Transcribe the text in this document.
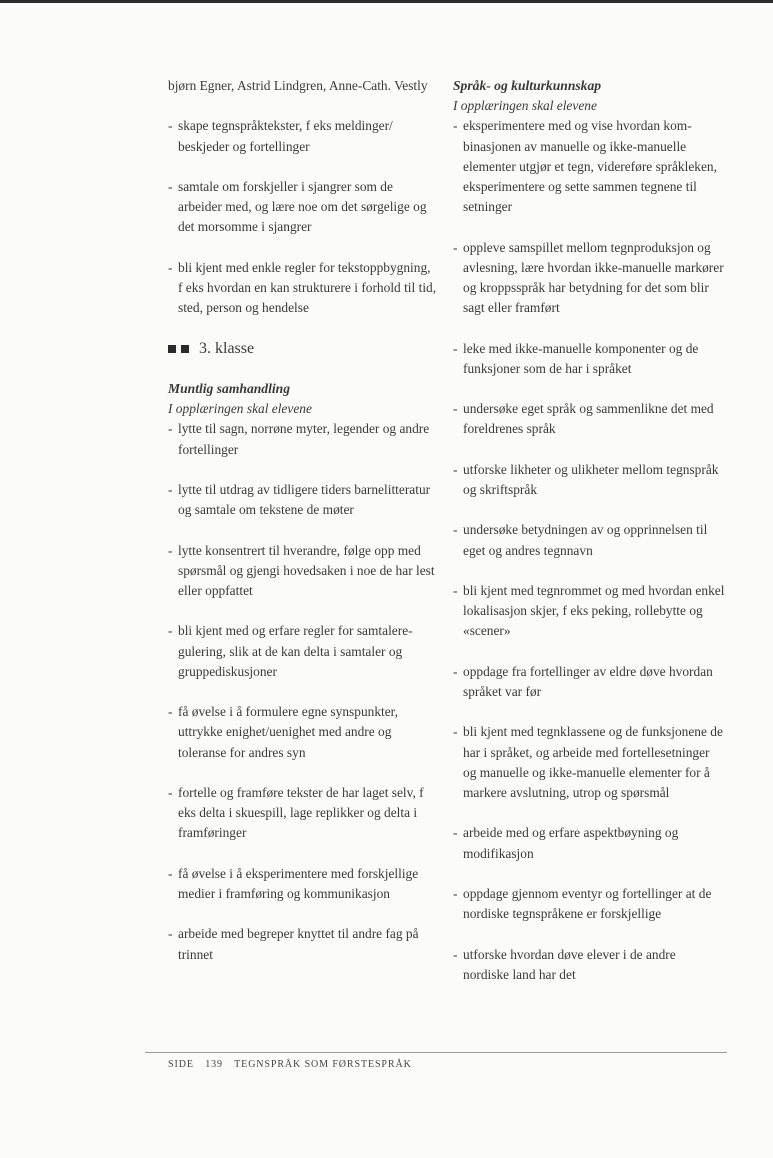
bjørn Egner, Astrid Lindgren, Anne-Cath. Vestly

- skape tegnspråktekster, f eks meldinger/ beskjeder og fortellinger
- samtale om forskjeller i sjangrer som de arbeider med, og lære noe om det sørgelige og det morsomme i sjangrer
- bli kjent med enkle regler for tekstoppbygning, f eks hvordan en kan strukturere i forhold til tid, sted, person og hendelse
3. klasse

Muntlig samhandling

I opplæringen skal elevene

- lytte til sagn, norrøne myter, legender og andre fortellinger
- lytte til utdrag av tidligere tiders barnelitteratur og samtale om tekstene de møter
- lytte konsentrert til hverandre, følge opp med spørsmål og gjengi hovedsaken i noe de har lest eller oppfattet
- bli kjent med og erfare regler for samtaleregulering, slik at de kan delta i samtaler og gruppediskusjoner
- få øvelse i å formulere egne synspunkter, uttrykke enighet/uenighet med andre og toleranse for andres syn
- fortelle og framføre tekster de har laget selv, f eks delta i skuespill, lage replikker og delta i framføringer
- få øvelse i å eksperimentere med forskjellige medier i framføring og kommunikasjon
- arbeide med begreper knyttet til andre fag på trinnet

Språk- og kulturkunnskap

I opplæringen skal elevene

- eksperimentere med og vise hvordan kombinasjonen av manuelle og ikke-manuelle elementer utgjør et tegn, videreføre språkleken, eksperimentere og sette sammen tegnene til setninger
- oppleve samspillet mellom tegnproduksjon og avlesning, lære hvordan ikke-manuelle markører og kroppsspråk har betydning for det som blir sagt eller framført
- leke med ikke-manuelle komponenter og de funksjoner som de har i språket
- undersøke eget språk og sammenlikne det med foreldrenes språk
- utforske likheter og ulikheter mellom tegnspråk og skriftspråk
- undersøke betydningen av og opprinnelsen til eget og andres tegnnavn
- bli kjent med tegnrommet og med hvordan enkel lokalisasjon skjer, f eks peking, rollebytte og «scener»
- oppdage fra fortellinger av eldre døve hvordan språket var før
- bli kjent med tegnklassene og de funksjonene de har i språket, og arbeide med fortellesetninger og manuelle og ikke-manuelle elementer for å markere avslutning, utrop og spørsmål
- arbeide med og erfare aspektbøyning og modifikasjon
- oppdage gjennom eventyr og fortellinger at de nordiske tegnspråkene er forskjellige
- utforske hvordan døve elever i de andre nordiske land har det
SIDE 139 TEGNSPRÅK SOM FØRSTESPRÅK
